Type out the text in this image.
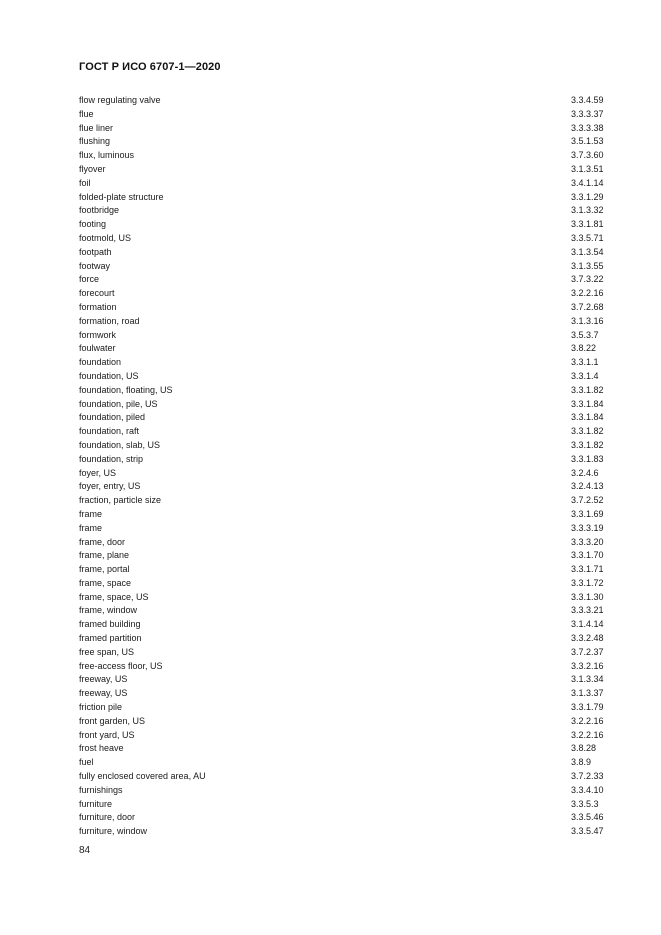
ГОСТ Р ИСО 6707-1—2020
flow regulating valve	3.3.4.59
flue	3.3.3.37
flue liner	3.3.3.38
flushing	3.5.1.53
flux, luminous	3.7.3.60
flyover	3.1.3.51
foil	3.4.1.14
folded-plate structure	3.3.1.29
footbridge	3.1.3.32
footing	3.3.1.81
footmold, US	3.3.5.71
footpath	3.1.3.54
footway	3.1.3.55
force	3.7.3.22
forecourt	3.2.2.16
formation	3.7.2.68
formation, road	3.1.3.16
formwork	3.5.3.7
foulwater	3.8.22
foundation	3.3.1.1
foundation, US	3.3.1.4
foundation, floating, US	3.3.1.82
foundation, pile, US	3.3.1.84
foundation, piled	3.3.1.84
foundation, raft	3.3.1.82
foundation, slab, US	3.3.1.82
foundation, strip	3.3.1.83
foyer, US	3.2.4.6
foyer, entry, US	3.2.4.13
fraction, particle size	3.7.2.52
frame	3.3.1.69
frame	3.3.3.19
frame, door	3.3.3.20
frame, plane	3.3.1.70
frame, portal	3.3.1.71
frame, space	3.3.1.72
frame, space, US	3.3.1.30
frame, window	3.3.3.21
framed building	3.1.4.14
framed partition	3.3.2.48
free span, US	3.7.2.37
free-access floor, US	3.3.2.16
freeway, US	3.1.3.34
freeway, US	3.1.3.37
friction pile	3.3.1.79
front garden, US	3.2.2.16
front yard, US	3.2.2.16
frost heave	3.8.28
fuel	3.8.9
fully enclosed covered area, AU	3.7.2.33
furnishings	3.3.4.10
furniture	3.3.5.3
furniture, door	3.3.5.46
furniture, window	3.3.5.47
84
